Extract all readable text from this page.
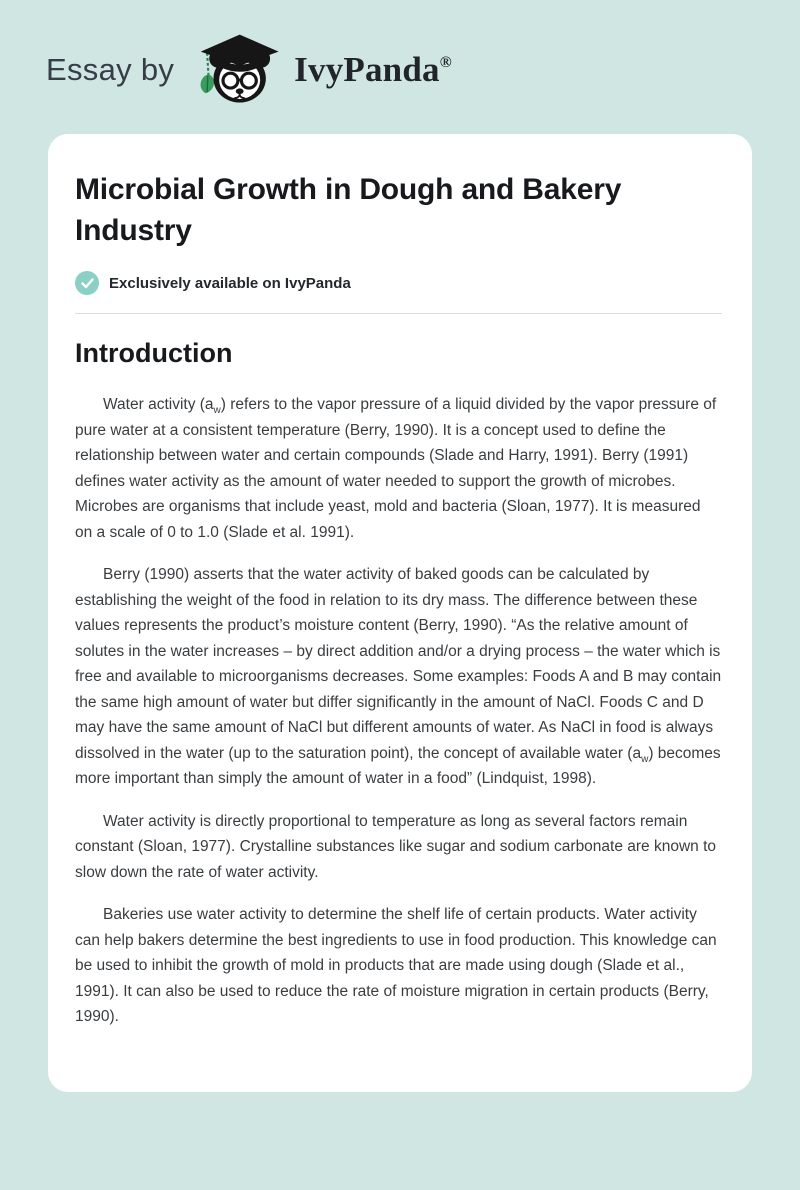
Essay by	IvyPanda®
Microbial Growth in Dough and Bakery Industry
Exclusively available on IvyPanda
Introduction

Water activity $(a_w)$ refers to the vapor pressure of a liquid divided by the vapor pressure of pure water at a consistent temperature (Berry, 1990). It is a concept used to define the relationship between water and certain compounds (Slade and Harry, 1991). Berry (1991) defines water activity as the amount of water needed to support the growth of microbes. Microbes are organisms that include yeast, mold and bacteria (Sloan, 1977). It is measured on a scale of 0 to 1.0 (Slade et al. 1991).

Berry (1990) asserts that the water activity of baked goods can be calculated by establishing the weight of the food in relation to its dry mass. The difference between these values represents the product’s moisture content (Berry, 1990). “As the relative amount of solutes in the water increases – by direct addition and/or a drying process – the water which is free and available to microorganisms decreases. Some examples: Foods A and B may contain the same high amount of water but differ significantly in the amount of NaCl. Foods C and D may have the same amount of NaCl but different amounts of water. As NaCl in food is always dissolved in the water (up to the saturation point), the concept of available water $(a_w)$ becomes more important than simply the amount of water in a food” (Lindquist, 1998).

Water activity is directly proportional to temperature as long as several factors remain constant (Sloan, 1977). Crystalline substances like sugar and sodium carbonate are known to slow down the rate of water activity.

Bakeries use water activity to determine the shelf life of certain products. Water activity can help bakers determine the best ingredients to use in food production. This knowledge can be used to inhibit the growth of mold in products that are made using dough (Slade et al., 1991). It can also be used to reduce the rate of moisture migration in certain products (Berry, 1990).
